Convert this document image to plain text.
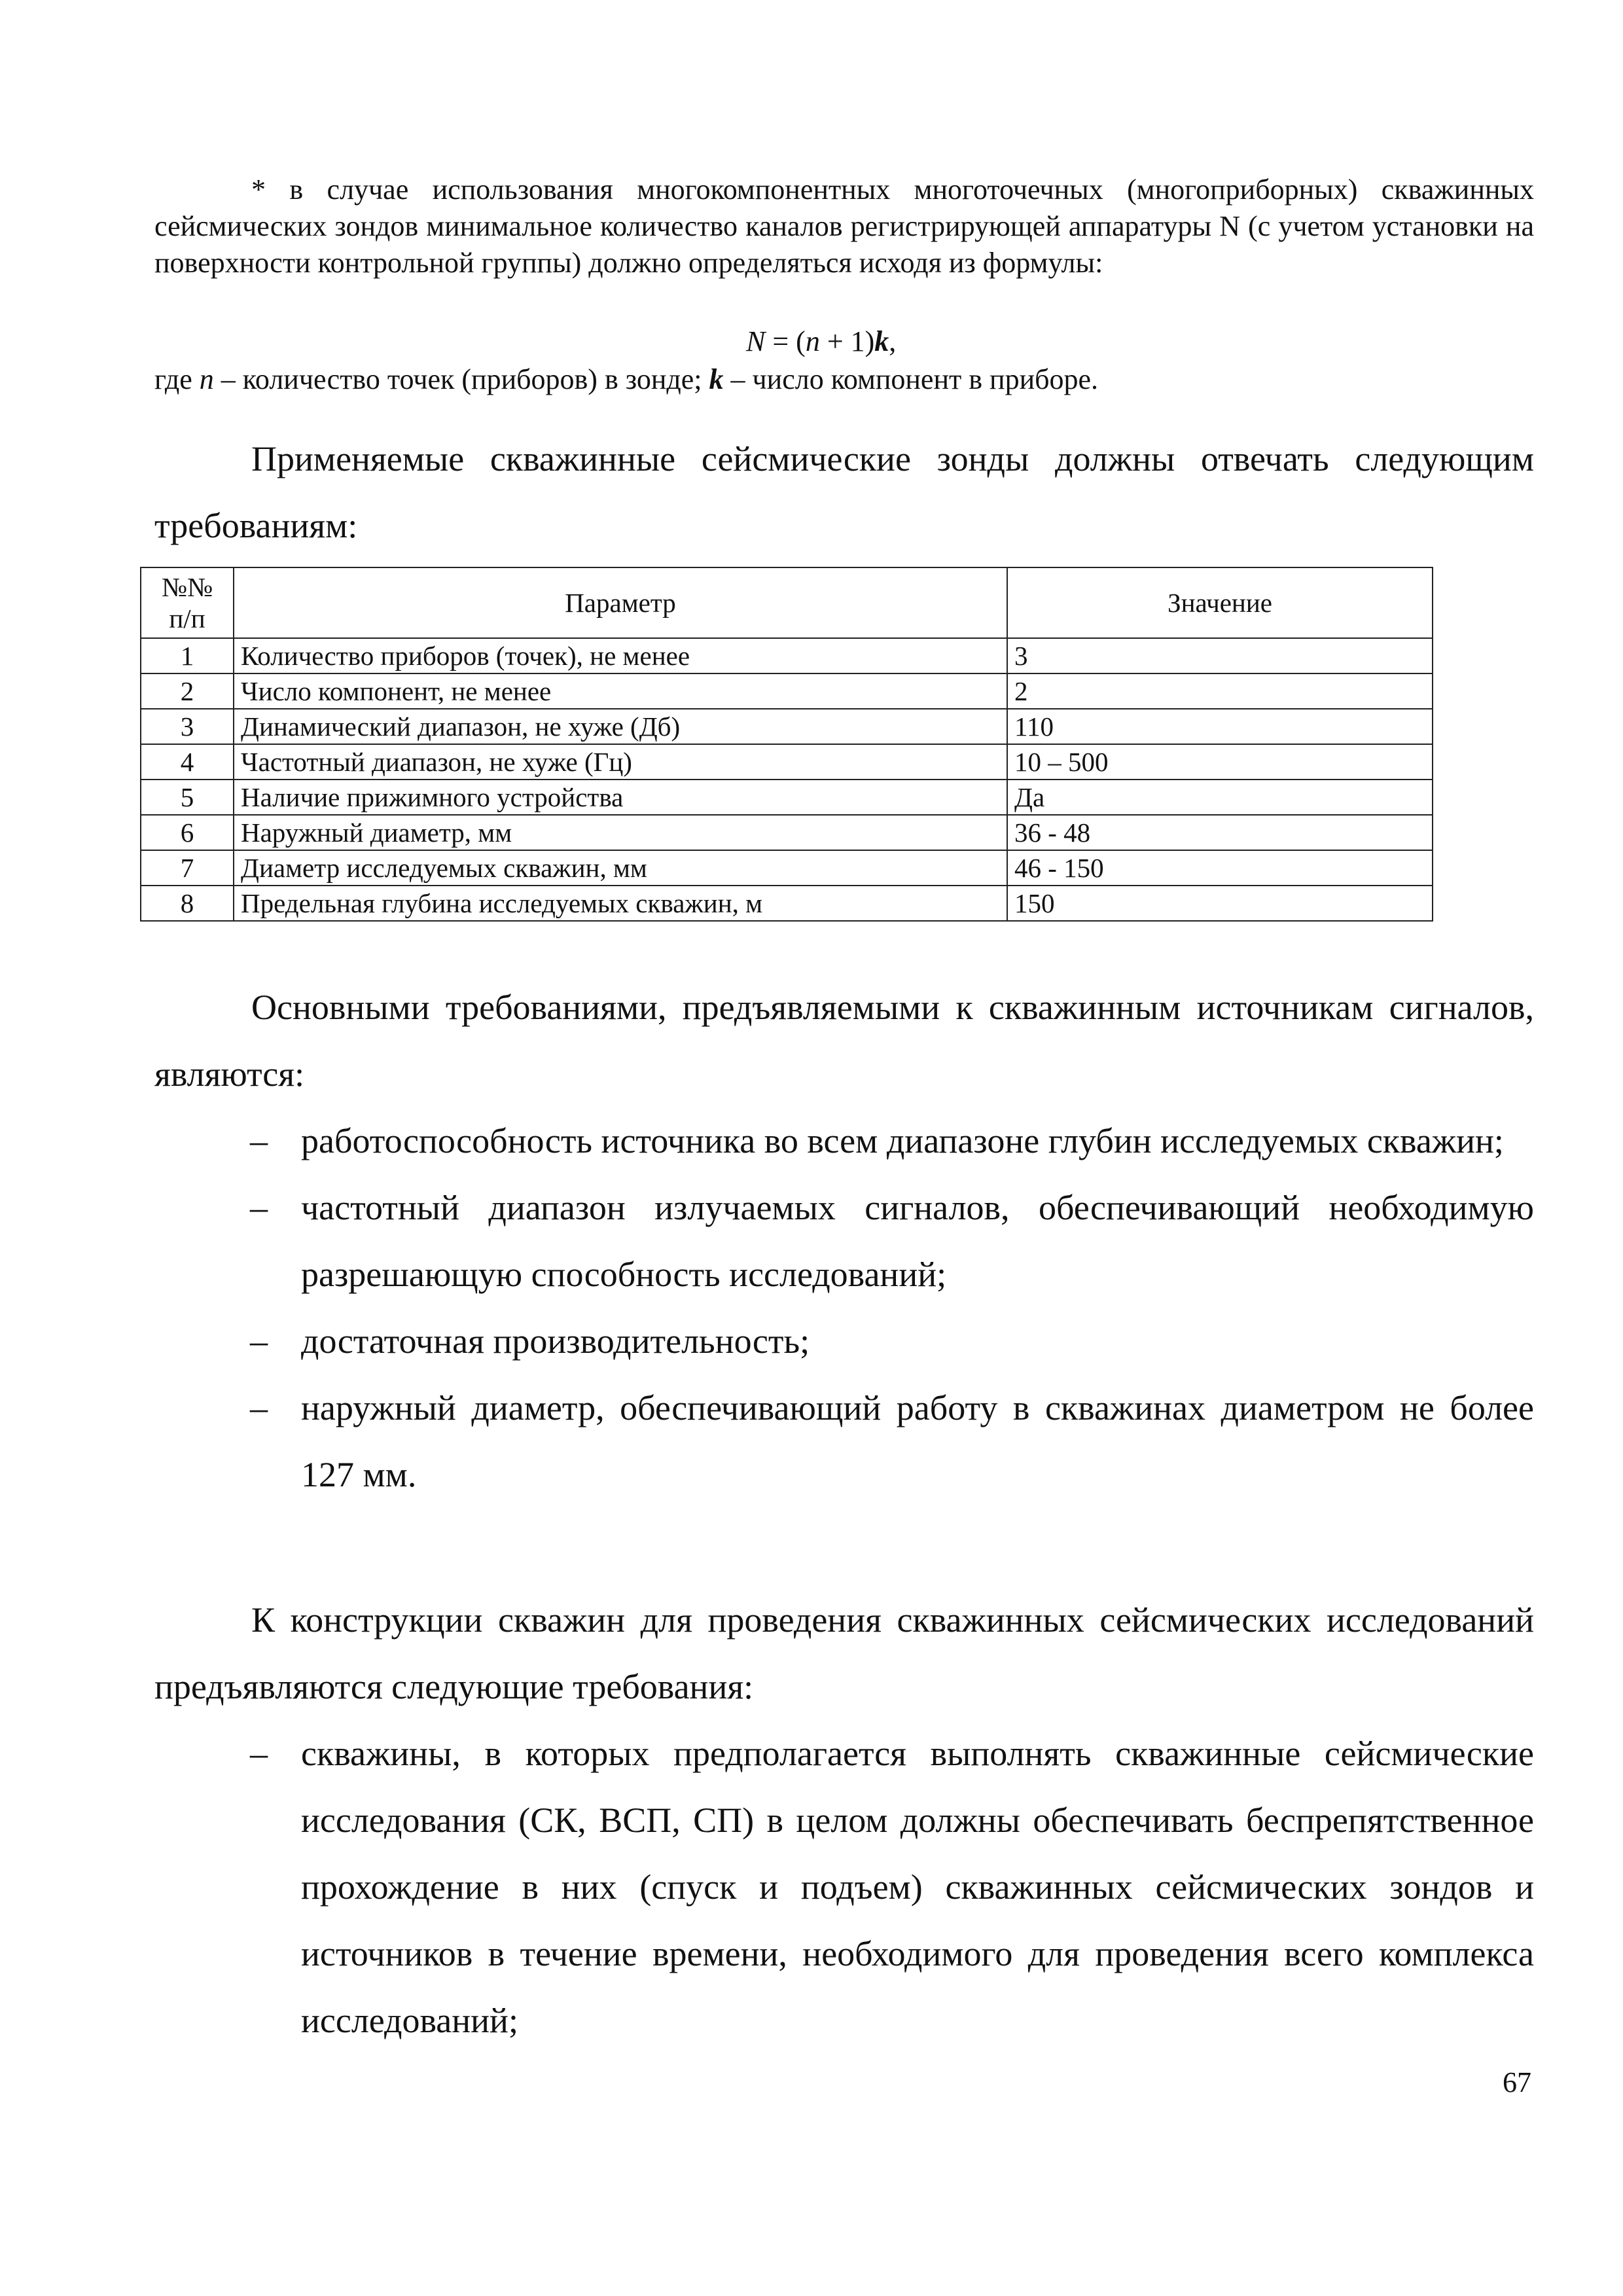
* в случае использования многокомпонентных многоточечных (многоприборных) скважинных сейсмических зондов минимальное количество каналов регистрирующей аппаратуры N (с учетом установки на поверхности контрольной группы) должно определяться исходя из формулы:

N = (n + 1)k,
где n – количество точек (приборов) в зонде; k – число компонент в приборе.

Применяемые скважинные сейсмические зонды должны отвечать следующим требованиям:

№№ п/п	Параметр	Значение
1	Количество приборов (точек), не менее	3
2	Число компонент, не менее	2
3	Динамический диапазон, не хуже (Дб)	110
4	Частотный диапазон, не хуже (Гц)	10 – 500
5	Наличие прижимного устройства	Да
6	Наружный диаметр, мм	36 - 48
7	Диаметр исследуемых скважин, мм	46 - 150
8	Предельная глубина исследуемых скважин, м	150

Основными требованиями, предъявляемыми к скважинным источникам сигналов, являются:

– работоспособность источника во всем диапазоне глубин исследуемых скважин;
– частотный диапазон излучаемых сигналов, обеспечивающий необходимую разрешающую способность исследований;
– достаточная производительность;
– наружный диаметр, обеспечивающий работу в скважинах диаметром не более 127 мм.

К конструкции скважин для проведения скважинных сейсмических исследований предъявляются следующие требования:

– скважины, в которых предполагается выполнять скважинные сейсмические исследования (СК, ВСП, СП) в целом должны обеспечивать беспрепятственное прохождение в них (спуск и подъем) скважинных сейсмических зондов и источников в течение времени, необходимого для проведения всего комплекса исследований;
67
